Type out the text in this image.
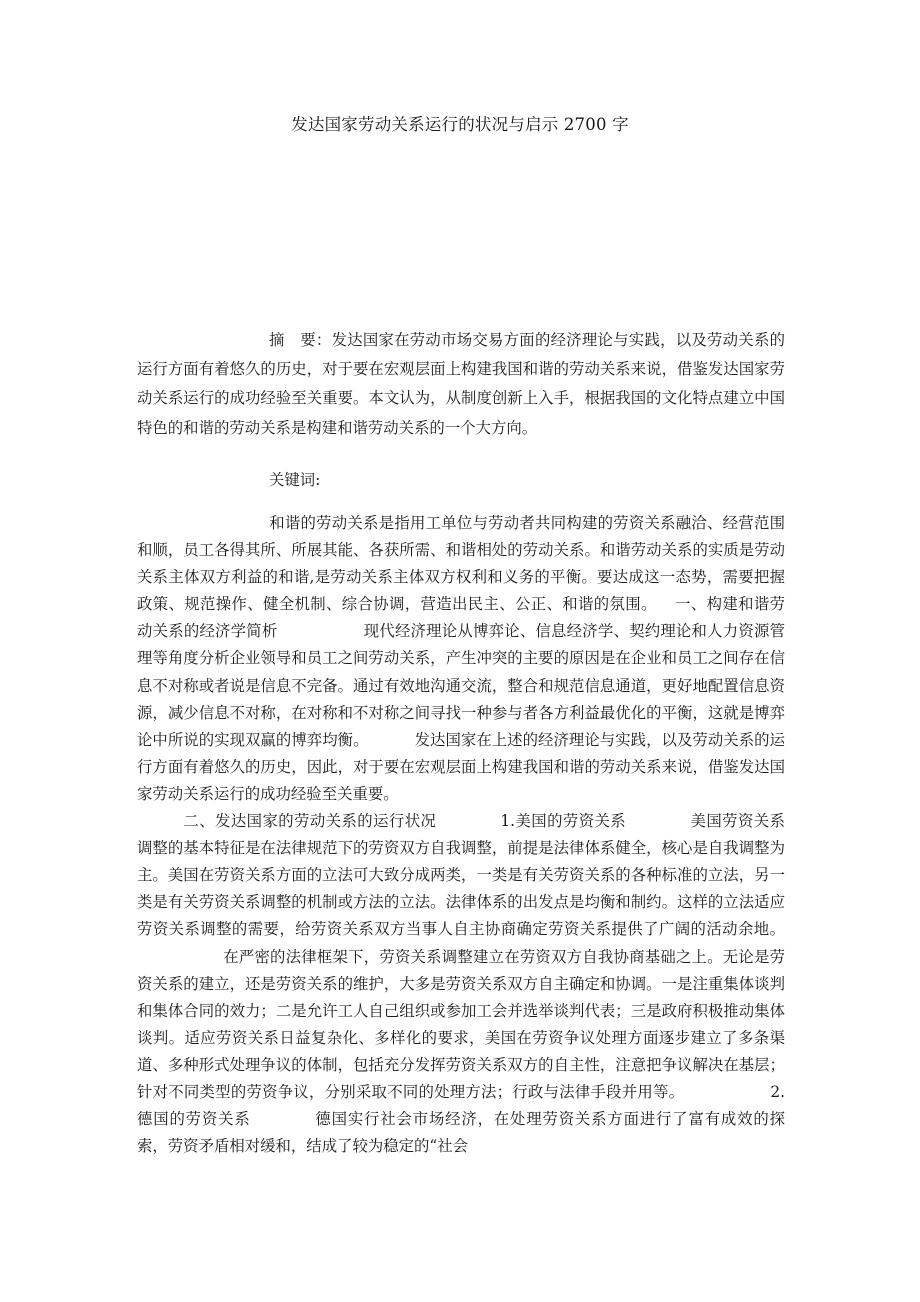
发达国家劳动关系运行的状况与启示 2700 字
摘　要：发达国家在劳动市场交易方面的经济理论与实践，以及劳动关系的运行方面有着悠久的历史，对于要在宏观层面上构建我国和谐的劳动关系来说，借鉴发达国家劳动关系运行的成功经验至关重要。本文认为，从制度创新上入手，根据我国的文化特点建立中国特色的和谐的劳动关系是构建和谐劳动关系的一个大方向。
关键词:

和谐的劳动关系是指用工单位与劳动者共同构建的劳资关系融洽、经营范围和顺，员工各得其所、所展其能、各获所需、和谐相处的劳动关系。和谐劳动关系的实质是劳动关系主体双方利益的和谐,是劳动关系主体双方权利和义务的平衡。要达成这一态势，需要把握政策、规范操作、健全机制、综合协调，营造出民主、公正、和谐的氛围。 一、构建和谐劳动关系的经济学简析	现代经济理论从博弈论、信息经济学、契约理论和人力资源管理等角度分析企业领导和员工之间劳动关系，产生冲突的主要的原因是在企业和员工之间存在信息不对称或者说是信息不完备。通过有效地沟通交流，整合和规范信息通道，更好地配置信息资源，减少信息不对称，在对称和不对称之间寻找一种参与者各方利益最优化的平衡，这就是博弈论中所说的实现双赢的博弈均衡。	发达国家在上述的经济理论与实践，以及劳动关系的运行方面有着悠久的历史，因此，对于要在宏观层面上构建我国和谐的劳动关系来说，借鉴发达国家劳动关系运行的成功经验至关重要。

二、发达国家的劳动关系的运行状况	1.美国的劳资关系	美国劳资关系调整的基本特征是在法律规范下的劳资双方自我调整，前提是法律体系健全，核心是自我调整为主。美国在劳资关系方面的立法可大致分成两类，一类是有关劳资关系的各种标准的立法，另一类是有关劳资关系调整的机制或方法的立法。法律体系的出发点是均衡和制约。这样的立法适应劳资关系调整的需要，给劳资关系双方当事人自主协商确定劳资关系提供了广阔的活动余地。在严密的法律框架下，劳资关系调整建立在劳资双方自我协商基础之上。无论是劳资关系的建立，还是劳资关系的维护，大多是劳资关系双方自主确定和协调。一是注重集体谈判和集体合同的效力；二是允许工人自己组织或参加工会并选举谈判代表；三是政府积极推动集体谈判。适应劳资关系日益复杂化、多样化的要求，美国在劳资争议处理方面逐步建立了多条渠道、多种形式处理争议的体制，包括充分发挥劳资关系双方的自主性，注意把争议解决在基层；针对不同类型的劳资争议，分别采取不同的处理方法；行政与法律手段并用等。	2.德国的劳资关系	德国实行社会市场经济，在处理劳资关系方面进行了富有成效的探索，劳资矛盾相对缓和，结成了较为稳定的“社会
